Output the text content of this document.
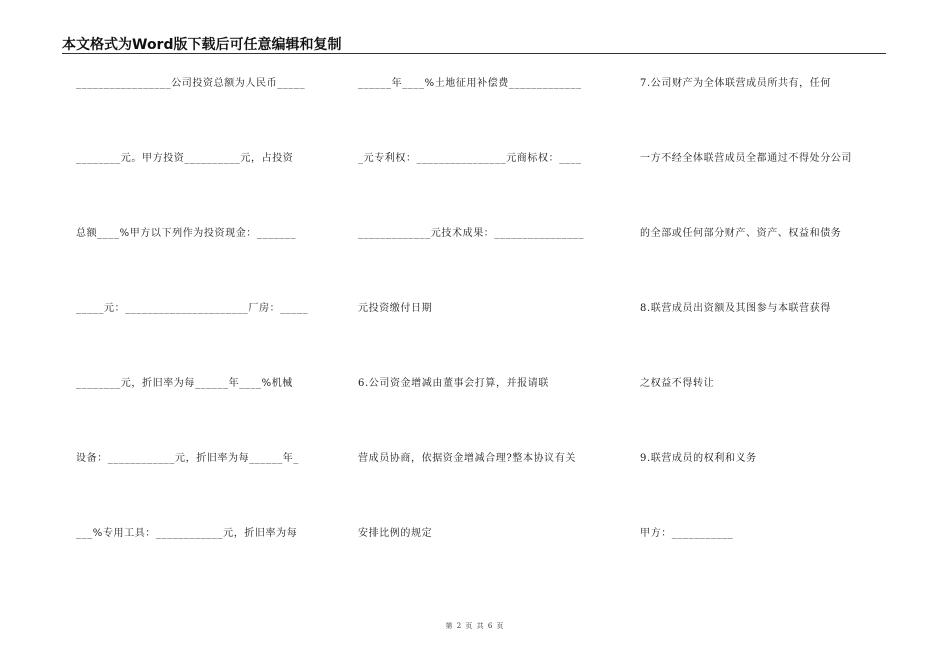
本文格式为Word版下载后可任意编辑和复制
_________________公司投资总额为人民币_____
________元。甲方投资__________元，占投资
总额____%甲方以下列作为投资现金：_______
_____元：______________________厂房：_____
________元，折旧率为每______年____%机械
设备：____________元，折旧率为每______年_
___%专用工具：____________元，折旧率为每
______年____%土地征用补偿费_____________
_元专利权：________________元商标权：____
_____________元技术成果：________________
元投资缴付日期
6.公司资金增减由董事会打算，并报请联
营成员协商，依据资金增减合理?整本协议有关
安排比例的规定
7.公司财产为全体联营成员所共有，任何
一方不经全体联营成员全都通过不得处分公司
的全部或任何部分财产、资产、权益和债务
8.联营成员出资额及其图参与本联营获得
之权益不得转让
9.联营成员的权利和义务
甲方：___________
第 2 页 共 6 页
